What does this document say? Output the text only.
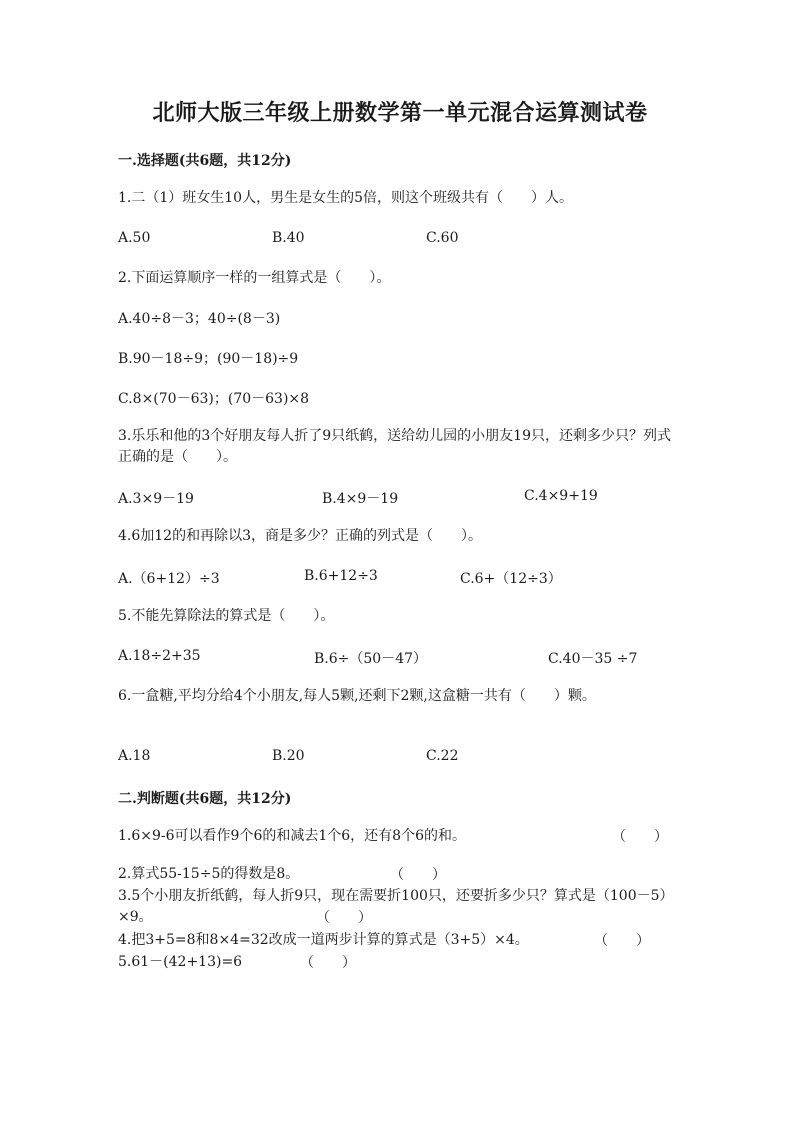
北师大版三年级上册数学第一单元混合运算测试卷
一.选择题(共6题，共12分)
1.二（1）班女生10人，男生是女生的5倍，则这个班级共有（　　）人。
A.50	B.40	C.60
2.下面运算顺序一样的一组算式是（　　）。
A.40÷8－3；40÷(8－3)
B.90－18÷9；(90－18)÷9
C.8×(70－63)；(70－63)×8
3.乐乐和他的3个好朋友每人折了9只纸鹤，送给幼儿园的小朋友19只，还剩多少只？列式正确的是（　　）。
A.3×9－19	B.4×9－19	C.4×9+19
4.6加12的和再除以3，商是多少？正确的列式是（　　）。
A.（6+12）÷3	B.6+12÷3	C.6+（12÷3）
5.不能先算除法的算式是（　　）。
A.18÷2+35	B.6÷（50－47）	C.40－35 ÷7
6.一盒糖,平均分给4个小朋友,每人5颗,还剩下2颗,这盒糖一共有（　　）颗。
A.18	B.20	C.22
二.判断题(共6题，共12分)
1.6×9-6可以看作9个6的和减去1个6，还有8个6的和。	（　　）
2.算式55-15÷5的得数是8。	（　　）
3.5个小朋友折纸鹤，每人折9只，现在需要折100只，还要折多少只？算式是（100－5）×9。	（　　）
4.把3+5=8和8×4=32改成一道两步计算的算式是（3+5）×4。	（　　）
5.61－(42+13)=6	（　　）
